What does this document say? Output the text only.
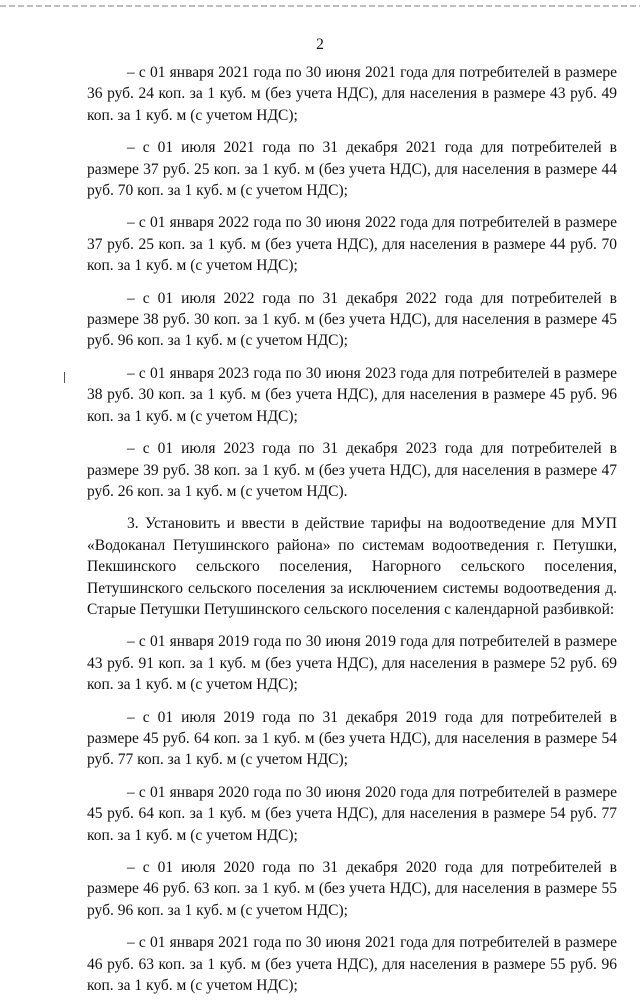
2

– с 01 января 2021 года по 30 июня 2021 года для потребителей в размере 36 руб. 24 коп. за 1 куб. м (без учета НДС), для населения в размере 43 руб. 49 коп. за 1 куб. м (с учетом НДС);

– с 01 июля 2021 года по 31 декабря 2021 года для потребителей в размере 37 руб. 25 коп. за 1 куб. м (без учета НДС), для населения в размере 44 руб. 70 коп. за 1 куб. м (с учетом НДС);

– с 01 января 2022 года по 30 июня 2022 года для потребителей в размере 37 руб. 25 коп. за 1 куб. м (без учета НДС), для населения в размере 44 руб. 70 коп. за 1 куб. м (с учетом НДС);

– с 01 июля 2022 года по 31 декабря 2022 года для потребителей в размере 38 руб. 30 коп. за 1 куб. м (без учета НДС), для населения в размере 45 руб. 96 коп. за 1 куб. м (с учетом НДС);

– с 01 января 2023 года по 30 июня 2023 года для потребителей в размере 38 руб. 30 коп. за 1 куб. м (без учета НДС), для населения в размере 45 руб. 96 коп. за 1 куб. м (с учетом НДС);

– с 01 июля 2023 года по 31 декабря 2023 года для потребителей в размере 39 руб. 38 коп. за 1 куб. м (без учета НДС), для населения в размере 47 руб. 26 коп. за 1 куб. м (с учетом НДС).

3. Установить и ввести в действие тарифы на водоотведение для МУП «Водоканал Петушинского района» по системам водоотведения г. Петушки, Пекшинского сельского поселения, Нагорного сельского поселения, Петушинского сельского поселения за исключением системы водоотведения д. Старые Петушки Петушинского сельского поселения с календарной разбивкой:

– с 01 января 2019 года по 30 июня 2019 года для потребителей в размере 43 руб. 91 коп. за 1 куб. м (без учета НДС), для населения в размере 52 руб. 69 коп. за 1 куб. м (с учетом НДС);

– с 01 июля 2019 года по 31 декабря 2019 года для потребителей в размере 45 руб. 64 коп. за 1 куб. м (без учета НДС), для населения в размере 54 руб. 77 коп. за 1 куб. м (с учетом НДС);

– с 01 января 2020 года по 30 июня 2020 года для потребителей в размере 45 руб. 64 коп. за 1 куб. м (без учета НДС), для населения в размере 54 руб. 77 коп. за 1 куб. м (с учетом НДС);

– с 01 июля 2020 года по 31 декабря 2020 года для потребителей в размере 46 руб. 63 коп. за 1 куб. м (без учета НДС), для населения в размере 55 руб. 96 коп. за 1 куб. м (с учетом НДС);

– с 01 января 2021 года по 30 июня 2021 года для потребителей в размере 46 руб. 63 коп. за 1 куб. м (без учета НДС), для населения в размере 55 руб. 96 коп. за 1 куб. м (с учетом НДС);
